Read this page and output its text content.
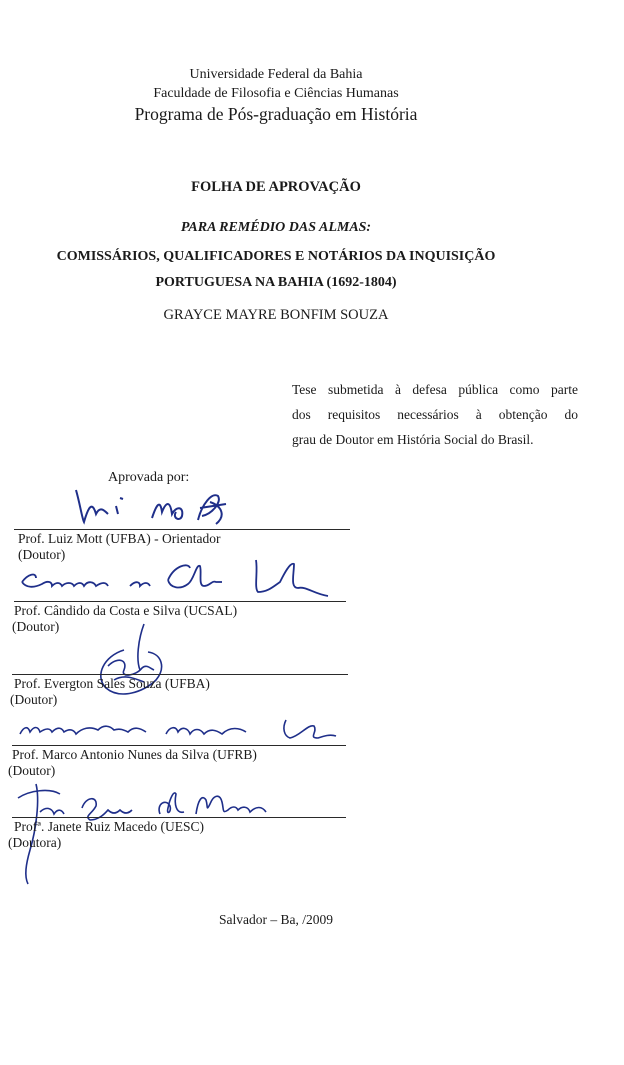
Universidade Federal da Bahia

Faculdade de Filosofia e Ciências Humanas

Programa de Pós-graduação em História

FOLHA DE APROVAÇÃO

PARA REMÉDIO DAS ALMAS:

COMISSÁRIOS, QUALIFICADORES E NOTÁRIOS DA INQUISIÇÃO

PORTUGUESA NA BAHIA (1692-1804)

GRAYCE MAYRE BONFIM SOUZA

Tese submetida à defesa pública como parte

dos requisitos necessários à obtenção do

grau de Doutor em História Social do Brasil.

Aprovada por:

Prof. Luiz Mott (UFBA) - Orientador

(Doutor)

Prof. Cândido da Costa e Silva (UCSAL)

(Doutor)

Prof. Evergton Sales Souza (UFBA)

(Doutor)

Prof. Marco Antonio Nunes da Silva (UFRB)

(Doutor)

Profª. Janete Ruiz Macedo (UESC)

(Doutora)

Salvador – Ba, /2009
